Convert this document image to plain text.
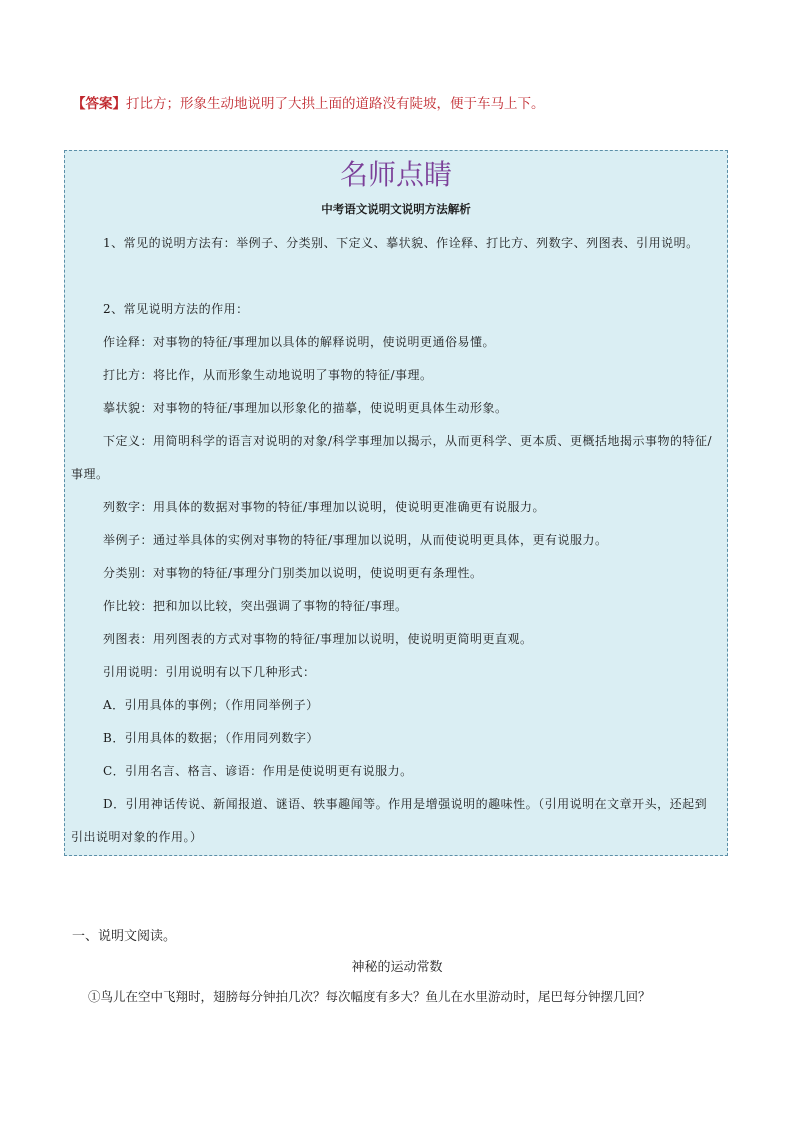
【答案】打比方；形象生动地说明了大拱上面的道路没有陡坡，便于车马上下。
名师点睛
中考语文说明文说明方法解析
1、常见的说明方法有：举例子、分类别、下定义、摹状貌、作诠释、打比方、列数字、列图表、引用说明。
2、常见说明方法的作用：
作诠释：对事物的特征/事理加以具体的解释说明，使说明更通俗易懂。
打比方：将比作，从而形象生动地说明了事物的特征/事理。
摹状貌：对事物的特征/事理加以形象化的描摹，使说明更具体生动形象。
下定义：用简明科学的语言对说明的对象/科学事理加以揭示，从而更科学、更本质、更概括地揭示事物的特征/事理。
列数字：用具体的数据对事物的特征/事理加以说明，使说明更准确更有说服力。
举例子：通过举具体的实例对事物的特征/事理加以说明，从而使说明更具体，更有说服力。
分类别：对事物的特征/事理分门别类加以说明，使说明更有条理性。
作比较：把和加以比较，突出强调了事物的特征/事理。
列图表：用列图表的方式对事物的特征/事理加以说明，使说明更简明更直观。
引用说明：引用说明有以下几种形式：
A．引用具体的事例；（作用同举例子）
B．引用具体的数据；（作用同列数字）
C．引用名言、格言、谚语：作用是使说明更有说服力。
D．引用神话传说、新闻报道、谜语、轶事趣闻等。作用是增强说明的趣味性。（引用说明在文章开头，还起到引出说明对象的作用。）
一、说明文阅读。
神秘的运动常数
①鸟儿在空中飞翔时，翅膀每分钟拍几次？每次幅度有多大？鱼儿在水里游动时，尾巴每分钟摆几回？
